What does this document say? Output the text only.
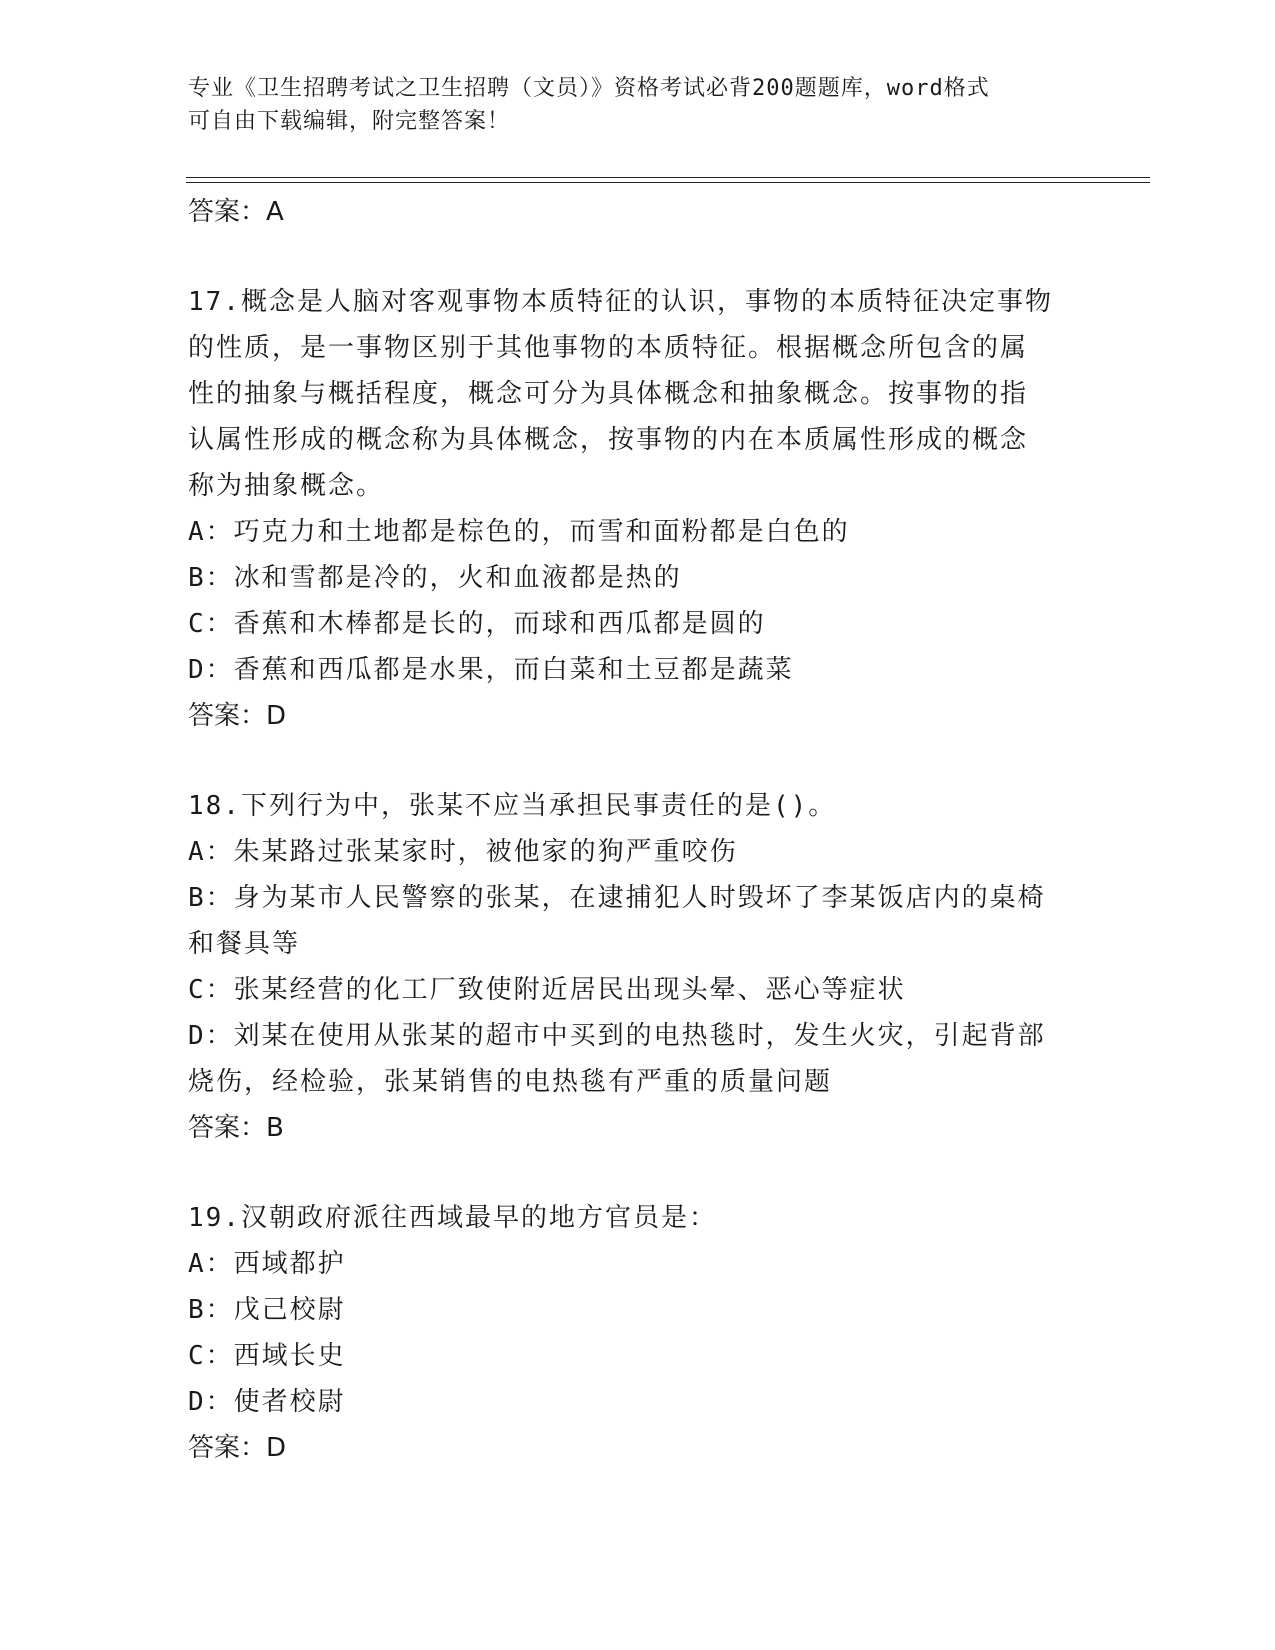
专业《卫生招聘考试之卫生招聘（文员）》资格考试必背200题题库，word格式
可自由下载编辑，附完整答案！
答案：A
17.概念是人脑对客观事物本质特征的认识，事物的本质特征决定事物
的性质，是一事物区别于其他事物的本质特征。根据概念所包含的属
性的抽象与概括程度，概念可分为具体概念和抽象概念。按事物的指
认属性形成的概念称为具体概念，按事物的内在本质属性形成的概念
称为抽象概念。
A：巧克力和土地都是棕色的，而雪和面粉都是白色的
B：冰和雪都是冷的，火和血液都是热的
C：香蕉和木棒都是长的，而球和西瓜都是圆的
D：香蕉和西瓜都是水果，而白菜和土豆都是蔬菜
答案：D
18.下列行为中，张某不应当承担民事责任的是()。
A：朱某路过张某家时，被他家的狗严重咬伤
B：身为某市人民警察的张某，在逮捕犯人时毁坏了李某饭店内的桌椅
和餐具等
C：张某经营的化工厂致使附近居民出现头晕、恶心等症状
D：刘某在使用从张某的超市中买到的电热毯时，发生火灾，引起背部
烧伤，经检验，张某销售的电热毯有严重的质量问题
答案：B
19.汉朝政府派往西域最早的地方官员是：
A：西域都护
B：戊己校尉
C：西域长史
D：使者校尉
答案：D
